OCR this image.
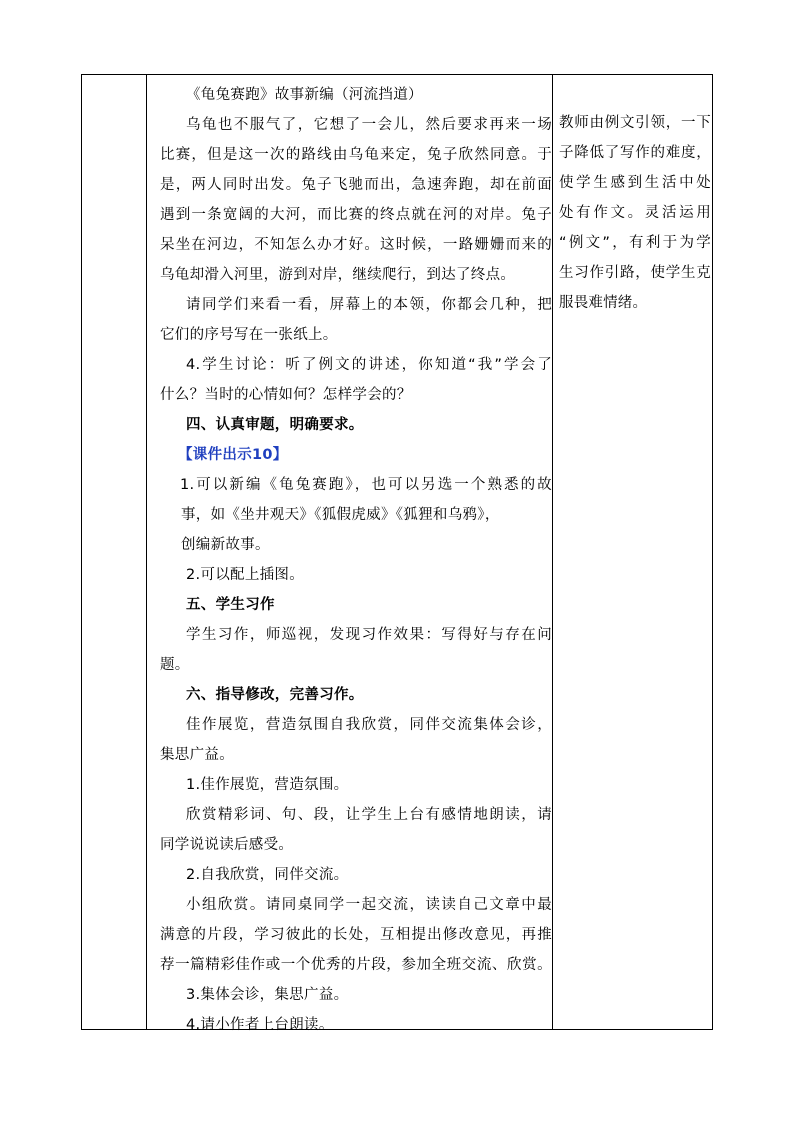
《龟兔赛跑》故事新编（河流挡道）
乌龟也不服气了，它想了一会儿，然后要求再来一场
比赛，但是这一次的路线由乌龟来定，兔子欣然同意。于
是，两人同时出发。兔子飞驰而出，急速奔跑，却在前面
遇到一条宽阔的大河，而比赛的终点就在河的对岸。兔子
呆坐在河边，不知怎么办才好。这时候，一路姗姗而来的
乌龟却滑入河里，游到对岸，继续爬行，到达了终点。
请同学们来看一看，屏幕上的本领，你都会几种，把
它们的序号写在一张纸上。
4.学生讨论：听了例文的讲述，你知道“我”学会了
什么？当时的心情如何？怎样学会的？
四、认真审题，明确要求。
【课件出示10】
1.可以新编《龟兔赛跑》，也可以另选一个熟悉的故
事，如《坐井观天》《狐假虎威》《狐狸和乌鸦》，
创编新故事。
2.可以配上插图。
五、学生习作
学生习作，师巡视，发现习作效果：写得好与存在问
题。
六、指导修改，完善习作。
佳作展览，营造氛围自我欣赏，同伴交流集体会诊，
集思广益。
1.佳作展览，营造氛围。
欣赏精彩词、句、段，让学生上台有感情地朗读，请
同学说说读后感受。
2.自我欣赏，同伴交流。
小组欣赏。请同桌同学一起交流，读读自己文章中最
满意的片段，学习彼此的长处，互相提出修改意见，再推
荐一篇精彩佳作或一个优秀的片段，参加全班交流、欣赏。
3.集体会诊，集思广益。
4.请小作者上台朗读。
教师由例文引领，一下
子降低了写作的难度，
使学生感到生活中处
处有作文。灵活运用
“例文”，有利于为学
生习作引路，使学生克
服畏难情绪。
